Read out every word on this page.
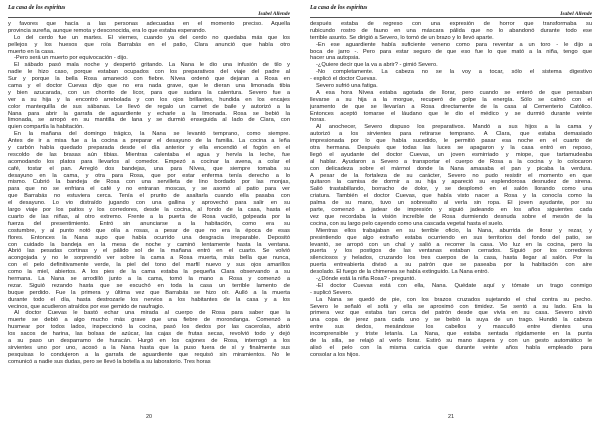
La casa de los espíritus
Isabel Allende
y favores que hacía a las personas adecuadas en el momento preciso. Aquella
provincia sureña, aunque remota y desconocida, era lo que estaba esperando.
Lo del cerdo fue un martes. El viernes, cuando ya del cerdo no quedaba más que los
pellejos y los huesos que roía Barrabás en el patio, Clara anunció que había otro
muerto en la casa.
-Pero será un muerto por equivocación - dijo.
El sábado pasó mala noche y despertó gritando. La Nana le dio una infusión de tilo y
nadie le hizo caso, porque estaban ocupados con los preparativos del viaje del padre al
Sur y porque la bella Rosa amaneció con fiebre. Nívea ordenó que dejaran a Rosa en
cama y el doctor Cuevas dijo que no era nada grave, que le dieran una limonada tibia
y bien azucarada, con un chorrito de licor, para que sudara la calentura. Severo fue a
ver a su hija y la encontró arrebolada y con los ojos brillantes, hundida en los encajes
color mantequilla de sus sábanas. Le llevó de regalo un carnet de baile y autorizó a la
Nana para abrir la garrafa de aguardiente y echarle a la limonada. Rosa se bebió la
limonada, se arropó en su mantilla de lana y se durmió enseguida al lado de Clara, con
quien compartía la habitación.
En la mañana del domingo trágico, la Nana se levantó temprano, como siempre.
Antes de ir a misa fue a la cocina a preparar el desayuno de la familia. La cocina a leña
y carbón había quedado preparada desde el día anterior y ella encendió el fogón en el
rescoldo de las brasas aún tibias. Mientras calentaba el agua y hervía la leche, fue
acomodando los platos para llevarlos al comedor. Empezó a cocinar la avena, a colar el
café, tostar el pan. Arregló dos bandejas, una para Nívea, que siempre tomaba su
desayuno en la cama, y otra para Rosa, que por estar enferma tenía derecho a lo
mismo. Cubrió la bandeja de Rosa con una servilleta de lino bordado por las monjas,
para que no se enfriara el café y no entraran moscas, y se asomó al patio para ver
que Barrabás no estuviera cerca. Tenía el prurito de asaltarla cuando ella pasaba con
el desayuno. Lo vio distraído jugando con una gallina y aprovechó para salir en su
largo viaje por los patios y los corredores, desde la cocina, al fondo de la casa, hasta el
cuarto de las niñas, al otro extremo. Frente a la puerta de Rosa vaciló, golpeada por la
fuerza del presentimiento. Entró sin anunciarse a la habitación, como era su
costumbre, y al punto notó que olía a rosas, a pesar de que no era la época de esas
flores. Entonces la Nana supo que había ocurrido una desgracia irreparable. Depositó
con cuidado la bandeja en la mesa de noche y caminó lentamente hasta la ventana.
Abrió las pesadas cortinas y el pálido sol de la mañana entró en el cuarto. Se volvió
acongojada y no le sorprendió ver sobre la cama a Rosa muerta, más bella que nunca,
con el pelo definitivamente verde, la piel del tono del marfil nuevo y sus ojos amarillos
como la miel, abiertos. A los pies de la cama estaba la pequeña Clara observando a su
hermana. La Nana se arrodilló junto a la cama, tomó la mano a Rosa y comenzó a
rezar. Siguió rezando hasta que se escuchó en toda la casa un terrible lamento de
buque perdido. Fue la primera y última vez que Barrabás se hizo oír. Aulló a la muerta
durante todo el día, hasta destrozarle los nervios a los habitantes de la casa y a los
vecinos, que acudieron atraídos por ese gemido de naufragio.
Al doctor Cuevas le bastó echar una mirada al cuerpo de Rosa para saber que la
muerte se debió a algo mucho más grave que una fiebre de morondanga. Comenzó a
husmear por todos lados, inspeccionó la cocina, pasó los dedos por las cacerolas, abrió
los sacos de harina, las bolsas de azúcar, las cajas de frutas secas, revolvió todo y dejó
a su paso un desparramo de huracán. Hurgó en los cajones de Rosa, interrogó a los
sirvientes uno por uno, acosó a la Nana hasta que la puso fuera de sí y finalmente sus
pesquisas lo condujeron a la garrafa de aguardiente que requisó sin miramientos. No le
comunicó a nadie sus dudas, pero se llevó la botella a su laboratorio. Tres horas
20
La casa de los espíritus
Isabel Allende
después estaba de regreso con una expresión de horror que transformaba su
rubicundo rostro de fauno en una máscara pálida que no lo abandonó durante todo ese
terrible asunto. Se dirigió a Severo, lo tomó de un brazo y lo llevó aparte.
-En ese aguardiente había suficiente veneno como para reventar a un toro - le dijo a
boca de jarro -. Pero para estar seguro de que eso fue lo que mató a la niña, tengo que
hacer una autopsia.
-¿Quiere decir que la va a abrir? - gimió Severo.
-No completamente. La cabeza no se la voy a tocar, sólo el sistema digestivo
- explicó el doctor Cuevas.
Severo sufrió una fatiga.
A esa hora Nívea estaba agotada de llorar, pero cuando se enteró de que pensaban
llevarse a su hija a la morgue, recuperó de golpe la energía. Sólo se calmó con el
juramento de que se llevarían a Rosa directamente de la casa al Cementerio Católico.
Entonces aceptó tomarse el láudano que le dio el médico y se durmió durante veinte
horas.
Al anochecer, Severo dispuso los preparativos. Mandó a sus hijos a la cama y
autorizó a los sirvientes para retirarse temprano. A Clara, que estaba demasiado
impresionada por lo que había sucedido, le permitió pasar esa noche en el cuarto de
otra hermana. Después que todas las luces se apagaron y la casa entró en reposo,
llegó el ayudante del doctor Cuevas, un joven esmirriado y miope, que tartamudeaba
al hablar. Ayudaron a Severo a transportar el cuerpo de Rosa a la cocina y lo colocaron
con delicadeza sobre el mármol donde la Nana amasaba el pan y picaba la verdura.
A pesar de la fortaleza de su carácter, Severo no pudo resistir el momento en que
quitaron la camisa de dormir a su hija y apareció su esplendorosa desnudez de sirena.
Salió trastabillando, borracho de dolor, y se desplomó en el salón llorando como una
criatura. También el doctor Cuevas, que había visto nacer a Rosa y la conocía como la
palma de su mano, tuvo un sobresalto al verla sin ropa. El joven ayudante, por su
parte, comenzó a jadear de impresión y siguió jadeando en los años siguientes cada
vez que recordaba la visión increíble de Rosa durmiendo desnuda sobre el mesón de la
cocina, con su largo pelo cayendo como una cascada vegetal hasta el suelo.
Mientras ellos trabajaban en su terrible oficio, la Nana, aburrida de llorar y rezar, y
presintiendo que algo extraño estaba ocurriendo en sus territorios del fondo del patio, se
levantó, se arropó con un chal y salió a recorrer la casa. Vio luz en la cocina, pero la
puerta y los postigos de las ventanas estaban cerrados. Siguió por los corredores
silenciosos y helados, cruzando los tres cuerpos de la casa, hasta llegar al salón. Por la
puerta entreabierta divisó a su patrón que se paseaba por la habitación con aire
desolado. El fuego de la chimenea se había extinguido. La Nana entró.
-¿Dónde está la niña Rosa? - preguntó.
-El doctor Cuevas está con ella, Nana. Quédate aquí y tómate un trago conmigo
- suplicó Severo.
La Nana se quedó de pie, con los brazos cruzados sujetando el chal contra su pecho.
Severo le señaló el sofá y ella se aproximó con timidez. Se sentó a su lado. Era la
primera vez que estaba tan cerca del patrón desde que vivía en su casa. Severo sirvió
una copa de jerez para cada uno y se bebió la suya de un trago. Hundió la cabeza
entre sus dedos, mesándose los cabellos y masculló entre dientes una
incomprensible y triste letanía. La Nana, que estaba sentada rígidamente en la punta
de la silla, se relajó al verlo llorar. Estiró su mano áspera y con un gesto automático le
alisó el pelo con la misma caricia que durante veinte años había empleado para
consolar a los hijos.
21
